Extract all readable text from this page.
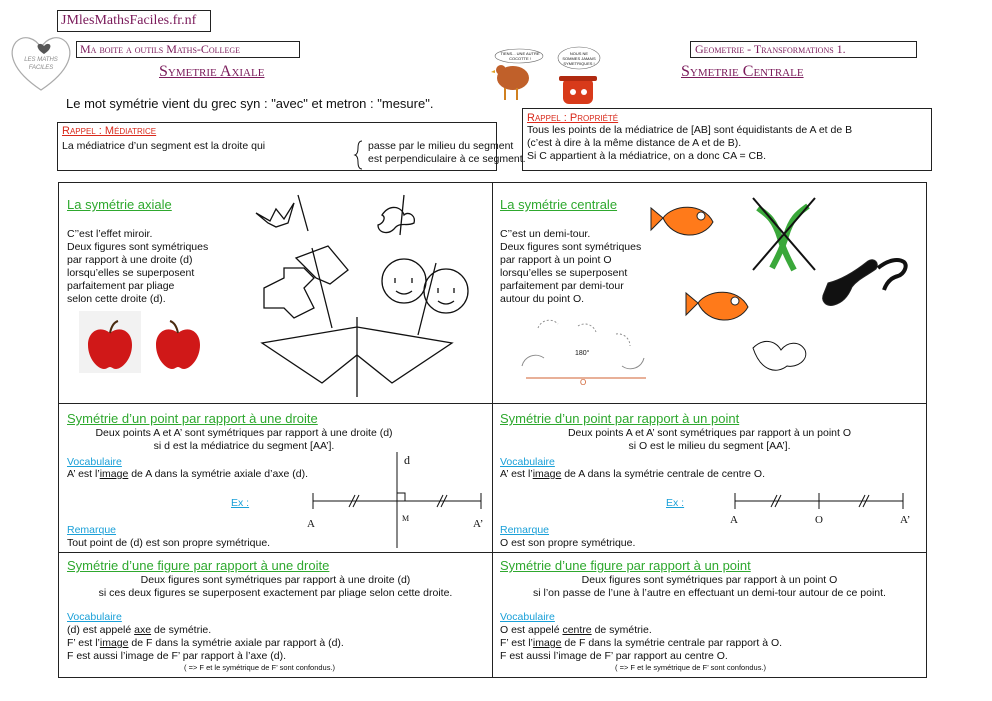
JMlesMathsFaciles.fr.nf
LES MATHS FACILES
Ma boite a outils Maths-College
Symetrie Axiale
Geometrie - Transformations 1.
Symetrie Centrale
TIENS... UNE AUTRE COCOTTE !
NOUS NE SOMMES JAMAIS SYMETRIQUES !
Le mot symétrie vient du grec syn : "avec" et metron : "mesure".
Rappel : Médiatrice
La médiatrice d’un segment est la droite qui	passe par le milieu du segment
est perpendiculaire à ce segment.
Rappel : Propriété
Tous les points de la médiatrice de [AB] sont équidistants de A et de B
(c’est à dire à la même distance de A et de B).
Si C appartient à la médiatrice, on a donc CA = CB.
La symétrie axiale
C’’est l’effet miroir.
Deux figures sont symétriques
par rapport à une droite (d)
lorsqu’elles se superposent
parfaitement par pliage
selon cette droite (d).
La symétrie centrale
C’’est un demi-tour.
Deux figures sont symétriques
par rapport à un point O
lorsqu’elles se superposent
parfaitement par demi-tour
autour du point O.
180°
O
Symétrie d’un point par rapport à une droite
Deux points A et A’ sont symétriques par rapport à une droite (d)
si d est la médiatrice du segment [AA’].
Vocabulaire
A’ est l’image de A dans la symétrie axiale d’axe (d).
Ex :
d
A	M	A’
Remarque
Tout point de (d) est son propre symétrique.
Symétrie d’un point par rapport à un point
Deux points A et A’ sont symétriques par rapport à un point O
si O est le milieu du segment [AA’].
Vocabulaire
A’ est l’image de A dans la symétrie centrale de centre O.
Ex :
A	O	A’
Remarque
O est son propre symétrique.
Symétrie d’une figure par rapport à une droite
Deux figures sont symétriques par rapport à une droite (d)
si ces deux figures se superposent exactement par pliage selon cette droite.
Vocabulaire
(d) est appelé axe de symétrie.
F’ est l’image de F dans la symétrie axiale par rapport à (d).
F est aussi l’image de F’ par rapport à l’axe (d).
( => F et le symétrique de F’ sont confondus.)
Symétrie d’une figure par rapport à un point
Deux figures sont symétriques par rapport à un point O
si l’on passe de l’une à l’autre en effectuant un demi-tour autour de ce point.
Vocabulaire
O est appelé centre de symétrie.
F’ est l’image de F dans la symétrie centrale par rapport à O.
F est aussi l’image de F’ par rapport au centre O.
( => F et le symétrique de F’ sont confondus.)
